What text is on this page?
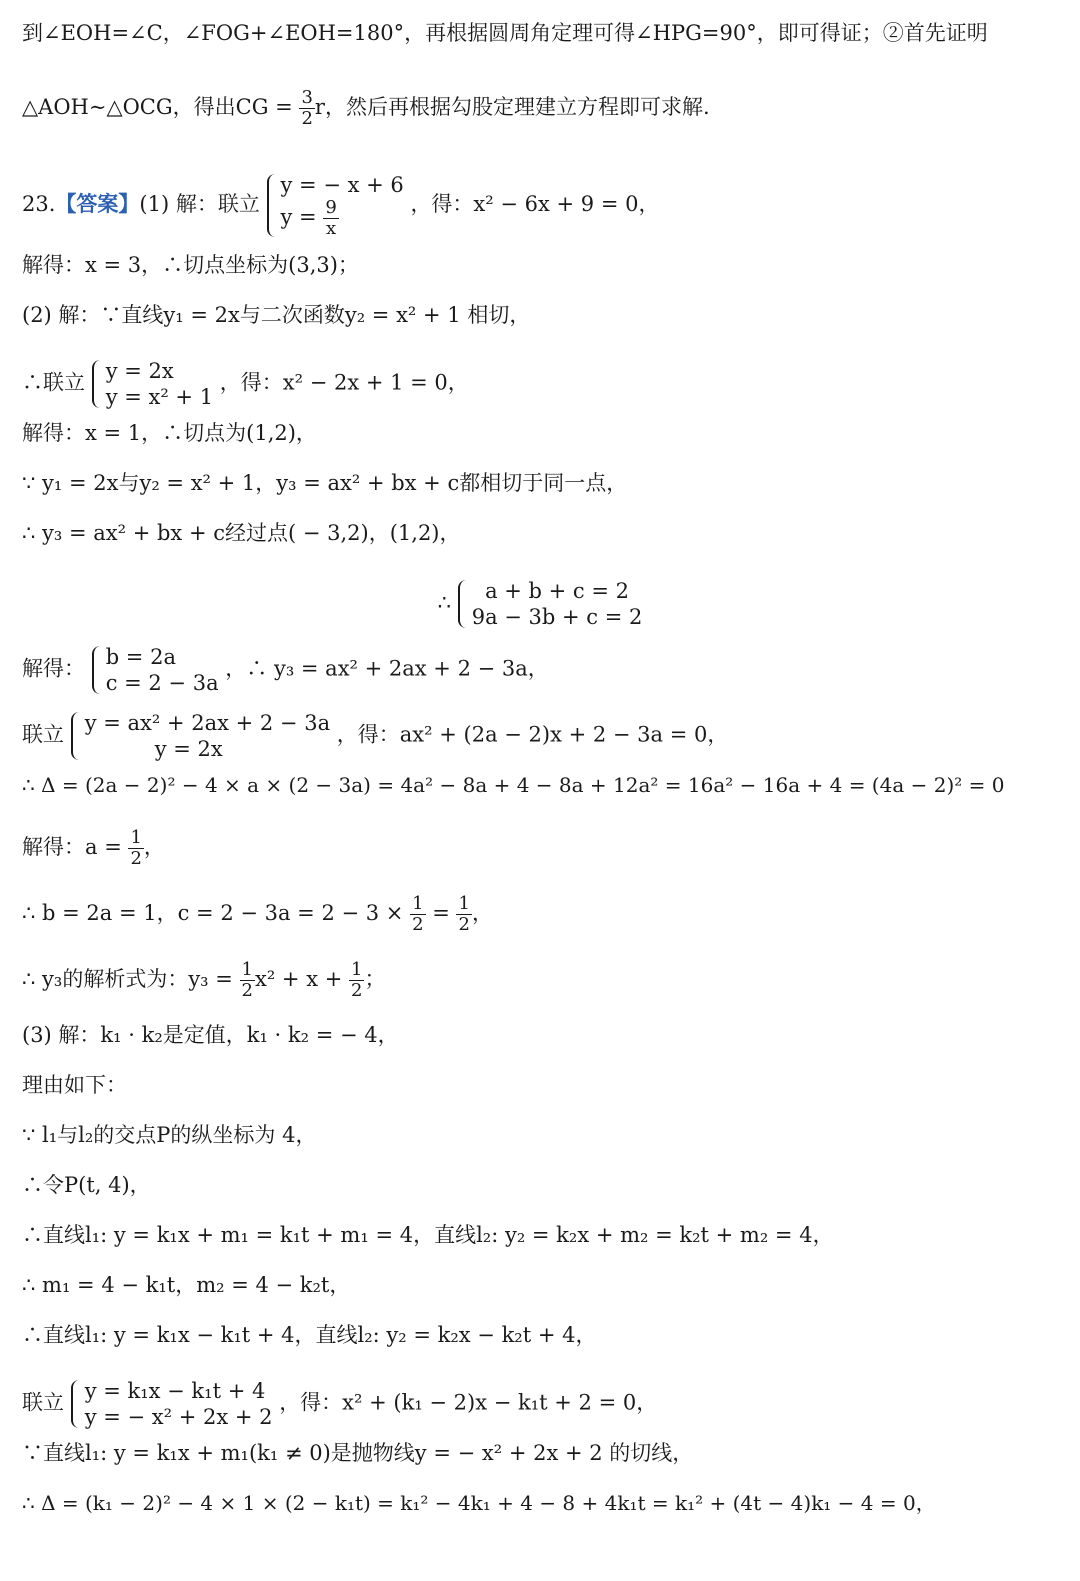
到∠EOH=∠C，∠FOG+∠EOH=180°，再根据圆周角定理可得∠HPG=90°，即可得证；②首先证明
△AOH∼△OCG，得出CG = $\frac{3}{2}$ r，然后再根据勾股定理建立方程即可求解.
23.【答案】(1) 解：联立
y = − x + 6
$y = \frac{9}{x}$	，得：x² − 6x + 9 = 0，
解得：x = 3，∴切点坐标为(3,3)；
(2) 解：∵直线y₁ = 2x与二次函数y₂ = x² + 1 相切，
∴联立 y = 2x
y = x² + 1
，得：x² − 2x + 1 = 0，
解得：x = 1，∴切点为(1,2)，
∵ y₁ = 2x与y₂ = x² + 1，y₃ = ax² + bx + c都相切于同一点，
∴ y₃ = ax² + bx + c经过点( − 3,2)，(1,2)，
∴	a + b + c = 2
9a − 3b + c = 2
解得： b = 2a
c = 2 − 3a
，∴ y₃ = ax² + 2ax + 2 − 3a，
联立 y = ax² + 2ax + 2 − 3a
y = 2x
，得：ax² + (2a − 2)x + 2 − 3a = 0，
∴ Δ = (2a − 2)² − 4 × a × (2 − 3a) = 4a² − 8a + 4 − 8a + 12a² = 16a² − 16a + 4 = (4a − 2)² = 0
解得：$a = \frac{1}{2}$ ，
∴ b = 2a = 1，$c = 2 - 3a = 2 - 3 \times \frac{1}{2} = \frac{1}{2}$ ，
∴ y₃的解析式为：$y_3 = \frac{1}{2} x^2 + x + \frac{1}{2}$ ；
(3) 解：k₁ · k₂是定值，k₁ · k₂ = − 4，
理由如下：
∵ l₁与l₂的交点P的纵坐标为 4，
∴令P(t, 4)，
∴直线l₁: y = k₁x + m₁ = k₁t + m₁ = 4，直线l₂: y₂ = k₂x + m₂ = k₂t + m₂ = 4，
∴ m₁ = 4 − k₁t，m₂ = 4 − k₂t，
∴直线l₁: y = k₁x − k₁t + 4，直线l₂: y₂ = k₂x − k₂t + 4，
联立 y = k₁x − k₁t + 4
y = − x² + 2x + 2
，得：x² + (k₁ − 2)x − k₁t + 2 = 0，
∵直线l₁: y = k₁x + m₁(k₁ ≠ 0)是抛物线y = − x² + 2x + 2 的切线，
∴ Δ = (k₁ − 2)² − 4 × 1 × (2 − k₁t) = k₁² − 4k₁ + 4 − 8 + 4k₁t = k₁² + (4t − 4)k₁ − 4 = 0，
